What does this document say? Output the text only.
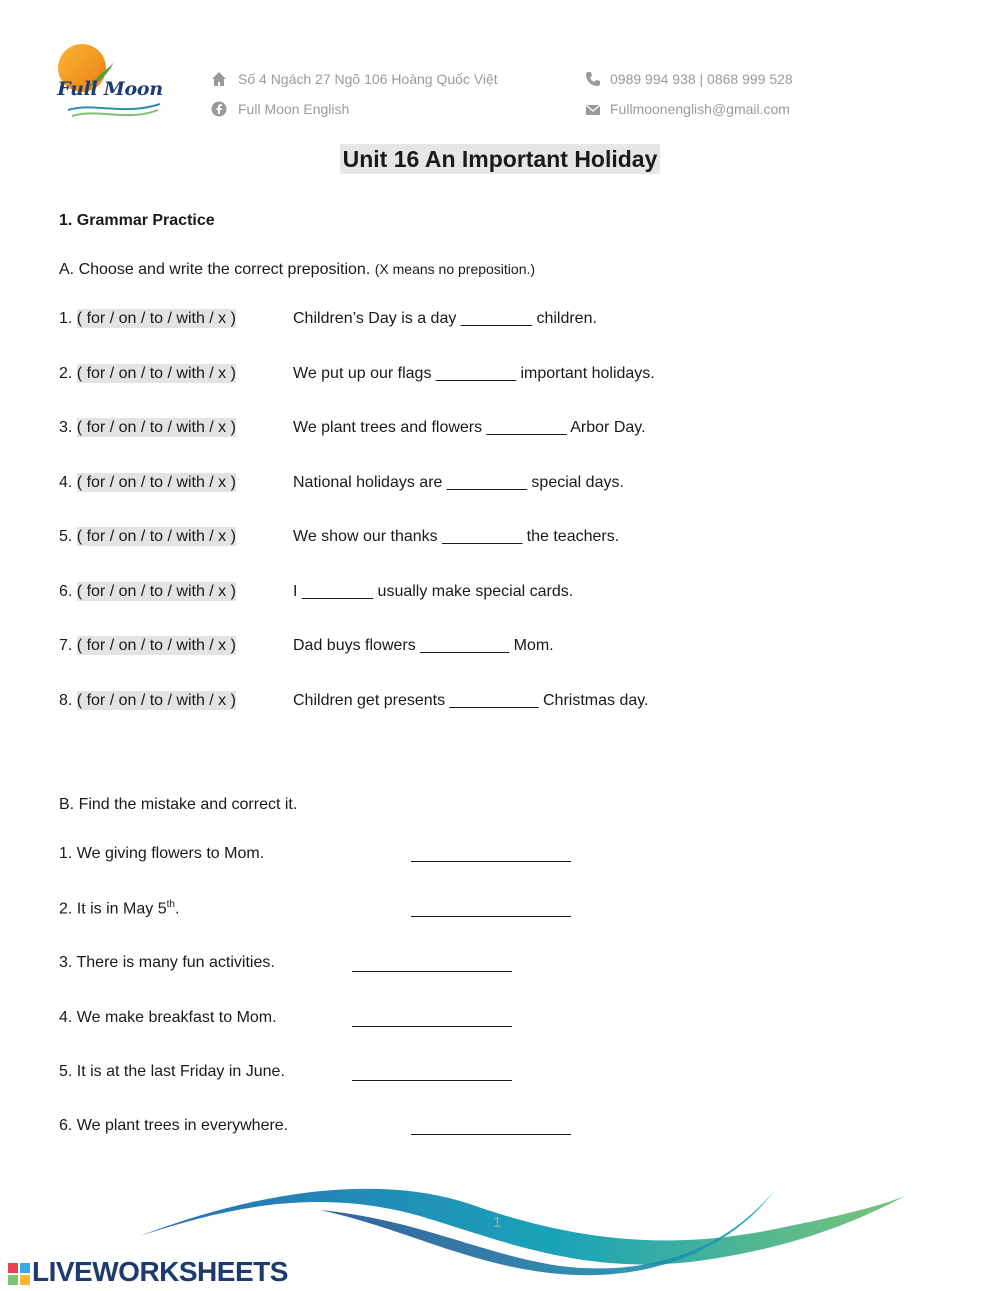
Full Moon	Số 4 Ngách 27 Ngõ 106 Hoàng Quốc Việt
Full Moon English
0989 994 938 | 0868 999 528
Fullmoonenglish@gmail.com
Unit 16 An Important Holiday
1. Grammar Practice
A. Choose and write the correct preposition. (X means no preposition.)
1. ( for / on / to / with / x )	Children’s Day is a day ________ children.
2. ( for / on / to / with / x )	We put up our flags _________ important holidays.
3. ( for / on / to / with / x )	We plant trees and flowers _________ Arbor Day.
4. ( for / on / to / with / x )	National holidays are _________ special days.
5. ( for / on / to / with / x )	We show our thanks _________ the teachers.
6. ( for / on / to / with / x )	I ________ usually make special cards.
7. ( for / on / to / with / x )	Dad buys flowers __________ Mom.
8. ( for / on / to / with / x )	Children get presents __________ Christmas day.
B. Find the mistake and correct it.
1. We giving flowers to Mom.
2. It is in May 5th.
3. There is many fun activities.
4. We make breakfast to Mom.
5. It is at the last Friday in June.
6. We plant trees in everywhere.
1
LIVEWORKSHEETS
